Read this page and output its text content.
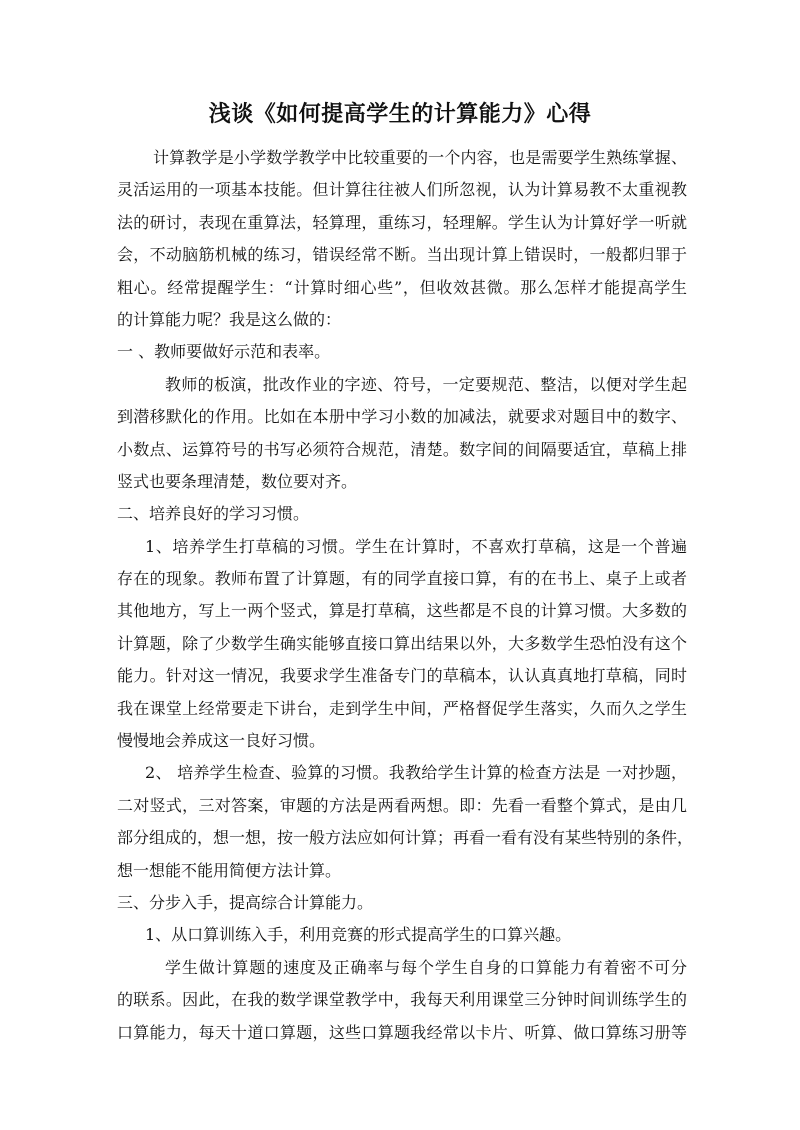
浅谈《如何提高学生的计算能力》心得
计算教学是小学数学教学中比较重要的一个内容，也是需要学生熟练掌握、
灵活运用的一项基本技能。但计算往往被人们所忽视，认为计算易教不太重视教
法的研讨，表现在重算法，轻算理，重练习，轻理解。学生认为计算好学一听就
会，不动脑筋机械的练习，错误经常不断。当出现计算上错误时，一般都归罪于
粗心。经常提醒学生：“计算时细心些”，但收效甚微。那么怎样才能提高学生
的计算能力呢？我是这么做的：
一 、教师要做好示范和表率。
教师的板演，批改作业的字迹、符号，一定要规范、整洁，以便对学生起
到潜移默化的作用。比如在本册中学习小数的加减法，就要求对题目中的数字、
小数点、运算符号的书写必须符合规范，清楚。数字间的间隔要适宜，草稿上排
竖式也要条理清楚，数位要对齐。
二、培养良好的学习习惯。
1、培养学生打草稿的习惯。学生在计算时，不喜欢打草稿，这是一个普遍
存在的现象。教师布置了计算题，有的同学直接口算，有的在书上、桌子上或者
其他地方，写上一两个竖式，算是打草稿，这些都是不良的计算习惯。大多数的
计算题，除了少数学生确实能够直接口算出结果以外，大多数学生恐怕没有这个
能力。针对这一情况，我要求学生准备专门的草稿本，认认真真地打草稿，同时
我在课堂上经常要走下讲台，走到学生中间，严格督促学生落实，久而久之学生
慢慢地会养成这一良好习惯。
2、 培养学生检查、验算的习惯。我教给学生计算的检查方法是 一对抄题，
二对竖式，三对答案，审题的方法是两看两想。即：先看一看整个算式，是由几
部分组成的，想一想，按一般方法应如何计算；再看一看有没有某些特别的条件，
想一想能不能用简便方法计算。
三、分步入手，提高综合计算能力。
1、从口算训练入手，利用竞赛的形式提高学生的口算兴趣。
学生做计算题的速度及正确率与每个学生自身的口算能力有着密不可分
的联系。因此，在我的数学课堂教学中，我每天利用课堂三分钟时间训练学生的
口算能力，每天十道口算题，这些口算题我经常以卡片、听算、做口算练习册等
